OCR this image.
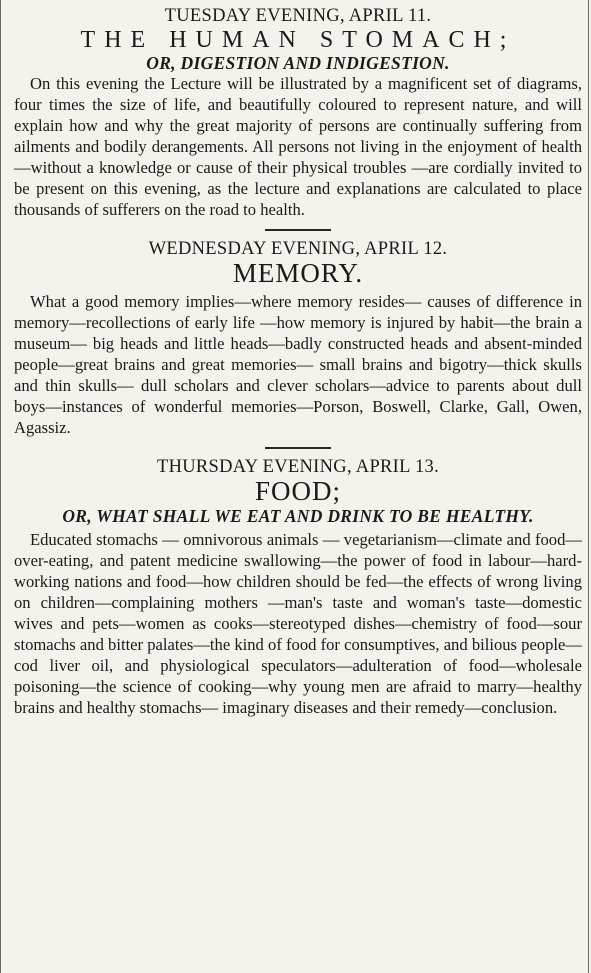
TUESDAY EVENING, APRIL 11.
THE HUMAN STOMACH;
OR, DIGESTION AND INDIGESTION.

On this evening the Lecture will be illustrated by a magnificent set of diagrams, four times the size of life, and beautifully coloured to represent nature, and will explain how and why the great majority of persons are continually suffering from ailments and bodily derangements. All persons not living in the enjoyment of health —without a knowledge or cause of their physical troubles —are cordially invited to be present on this evening, as the lecture and explanations are calculated to place thousands of sufferers on the road to health.

WEDNESDAY EVENING, APRIL 12.
MEMORY.

What a good memory implies—where memory resides— causes of difference in memory—recollections of early life —how memory is injured by habit—the brain a museum— big heads and little heads—badly constructed heads and absent-minded people—great brains and great memories— small brains and bigotry—thick skulls and thin skulls— dull scholars and clever scholars—advice to parents about dull boys—instances of wonderful memories—Porson, Boswell, Clarke, Gall, Owen, Agassiz.

THURSDAY EVENING, APRIL 13.
FOOD;
OR, WHAT SHALL WE EAT AND DRINK TO BE HEALTHY.

Educated stomachs — omnivorous animals — vegetarianism—climate and food—over-eating, and patent medicine swallowing—the power of food in labour—hard-working nations and food—how children should be fed—the effects of wrong living on children—complaining mothers —man's taste and woman's taste—domestic wives and pets—women as cooks—stereotyped dishes—chemistry of food—sour stomachs and bitter palates—the kind of food for consumptives, and bilious people—cod liver oil, and physiological speculators—adulteration of food—wholesale poisoning—the science of cooking—why young men are afraid to marry—healthy brains and healthy stomachs— imaginary diseases and their remedy—conclusion.
